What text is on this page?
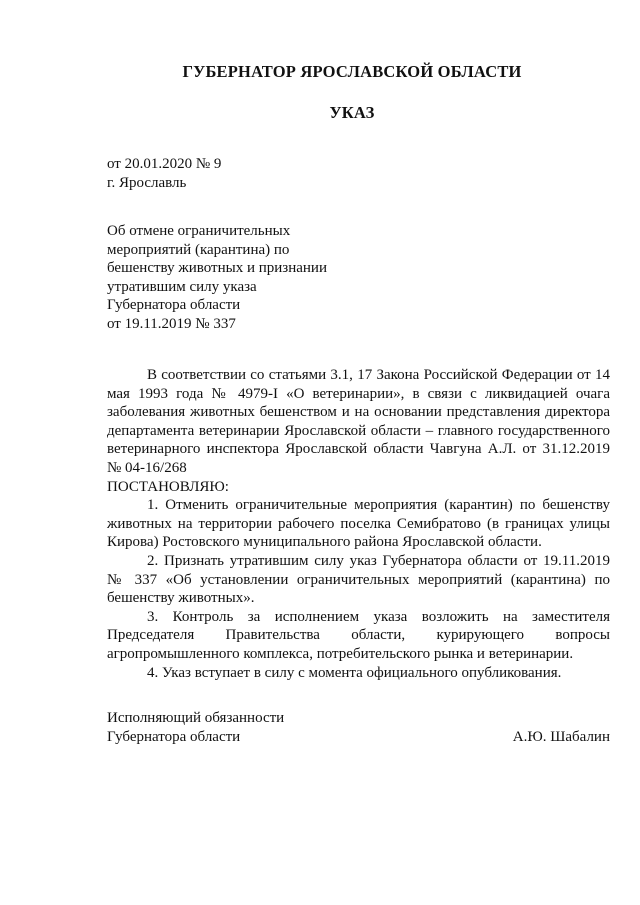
ГУБЕРНАТОР ЯРОСЛАВСКОЙ ОБЛАСТИ
УКАЗ
от 20.01.2020 № 9
г. Ярославль
Об отмене ограничительных
мероприятий (карантина) по
бешенству животных и признании
утратившим силу указа
Губернатора области
от 19.11.2019 № 337

В соответствии со статьями 3.1, 17 Закона Российской Федерации от 14 мая 1993 года № 4979-I «О ветеринарии», в связи с ликвидацией очага заболевания животных бешенством и на основании представления директора департамента ветеринарии Ярославской области – главного государственного ветеринарного инспектора Ярославской области Чавгуна А.Л. от 31.12.2019 № 04-16/268

ПОСТАНОВЛЯЮ:

1. Отменить ограничительные мероприятия (карантин) по бешенству животных на территории рабочего поселка Семибратово (в границах улицы Кирова) Ростовского муниципального района Ярославской области.

2. Признать утратившим силу указ Губернатора области от 19.11.2019 № 337 «Об установлении ограничительных мероприятий (карантина) по бешенству животных».

3. Контроль за исполнением указа возложить на заместителя Председателя Правительства области, курирующего вопросы агропромышленного комплекса, потребительского рынка и ветеринарии.

4. Указ вступает в силу с момента официального опубликования.

Исполняющий обязанности
Губернатора области	А.Ю. Шабалин
